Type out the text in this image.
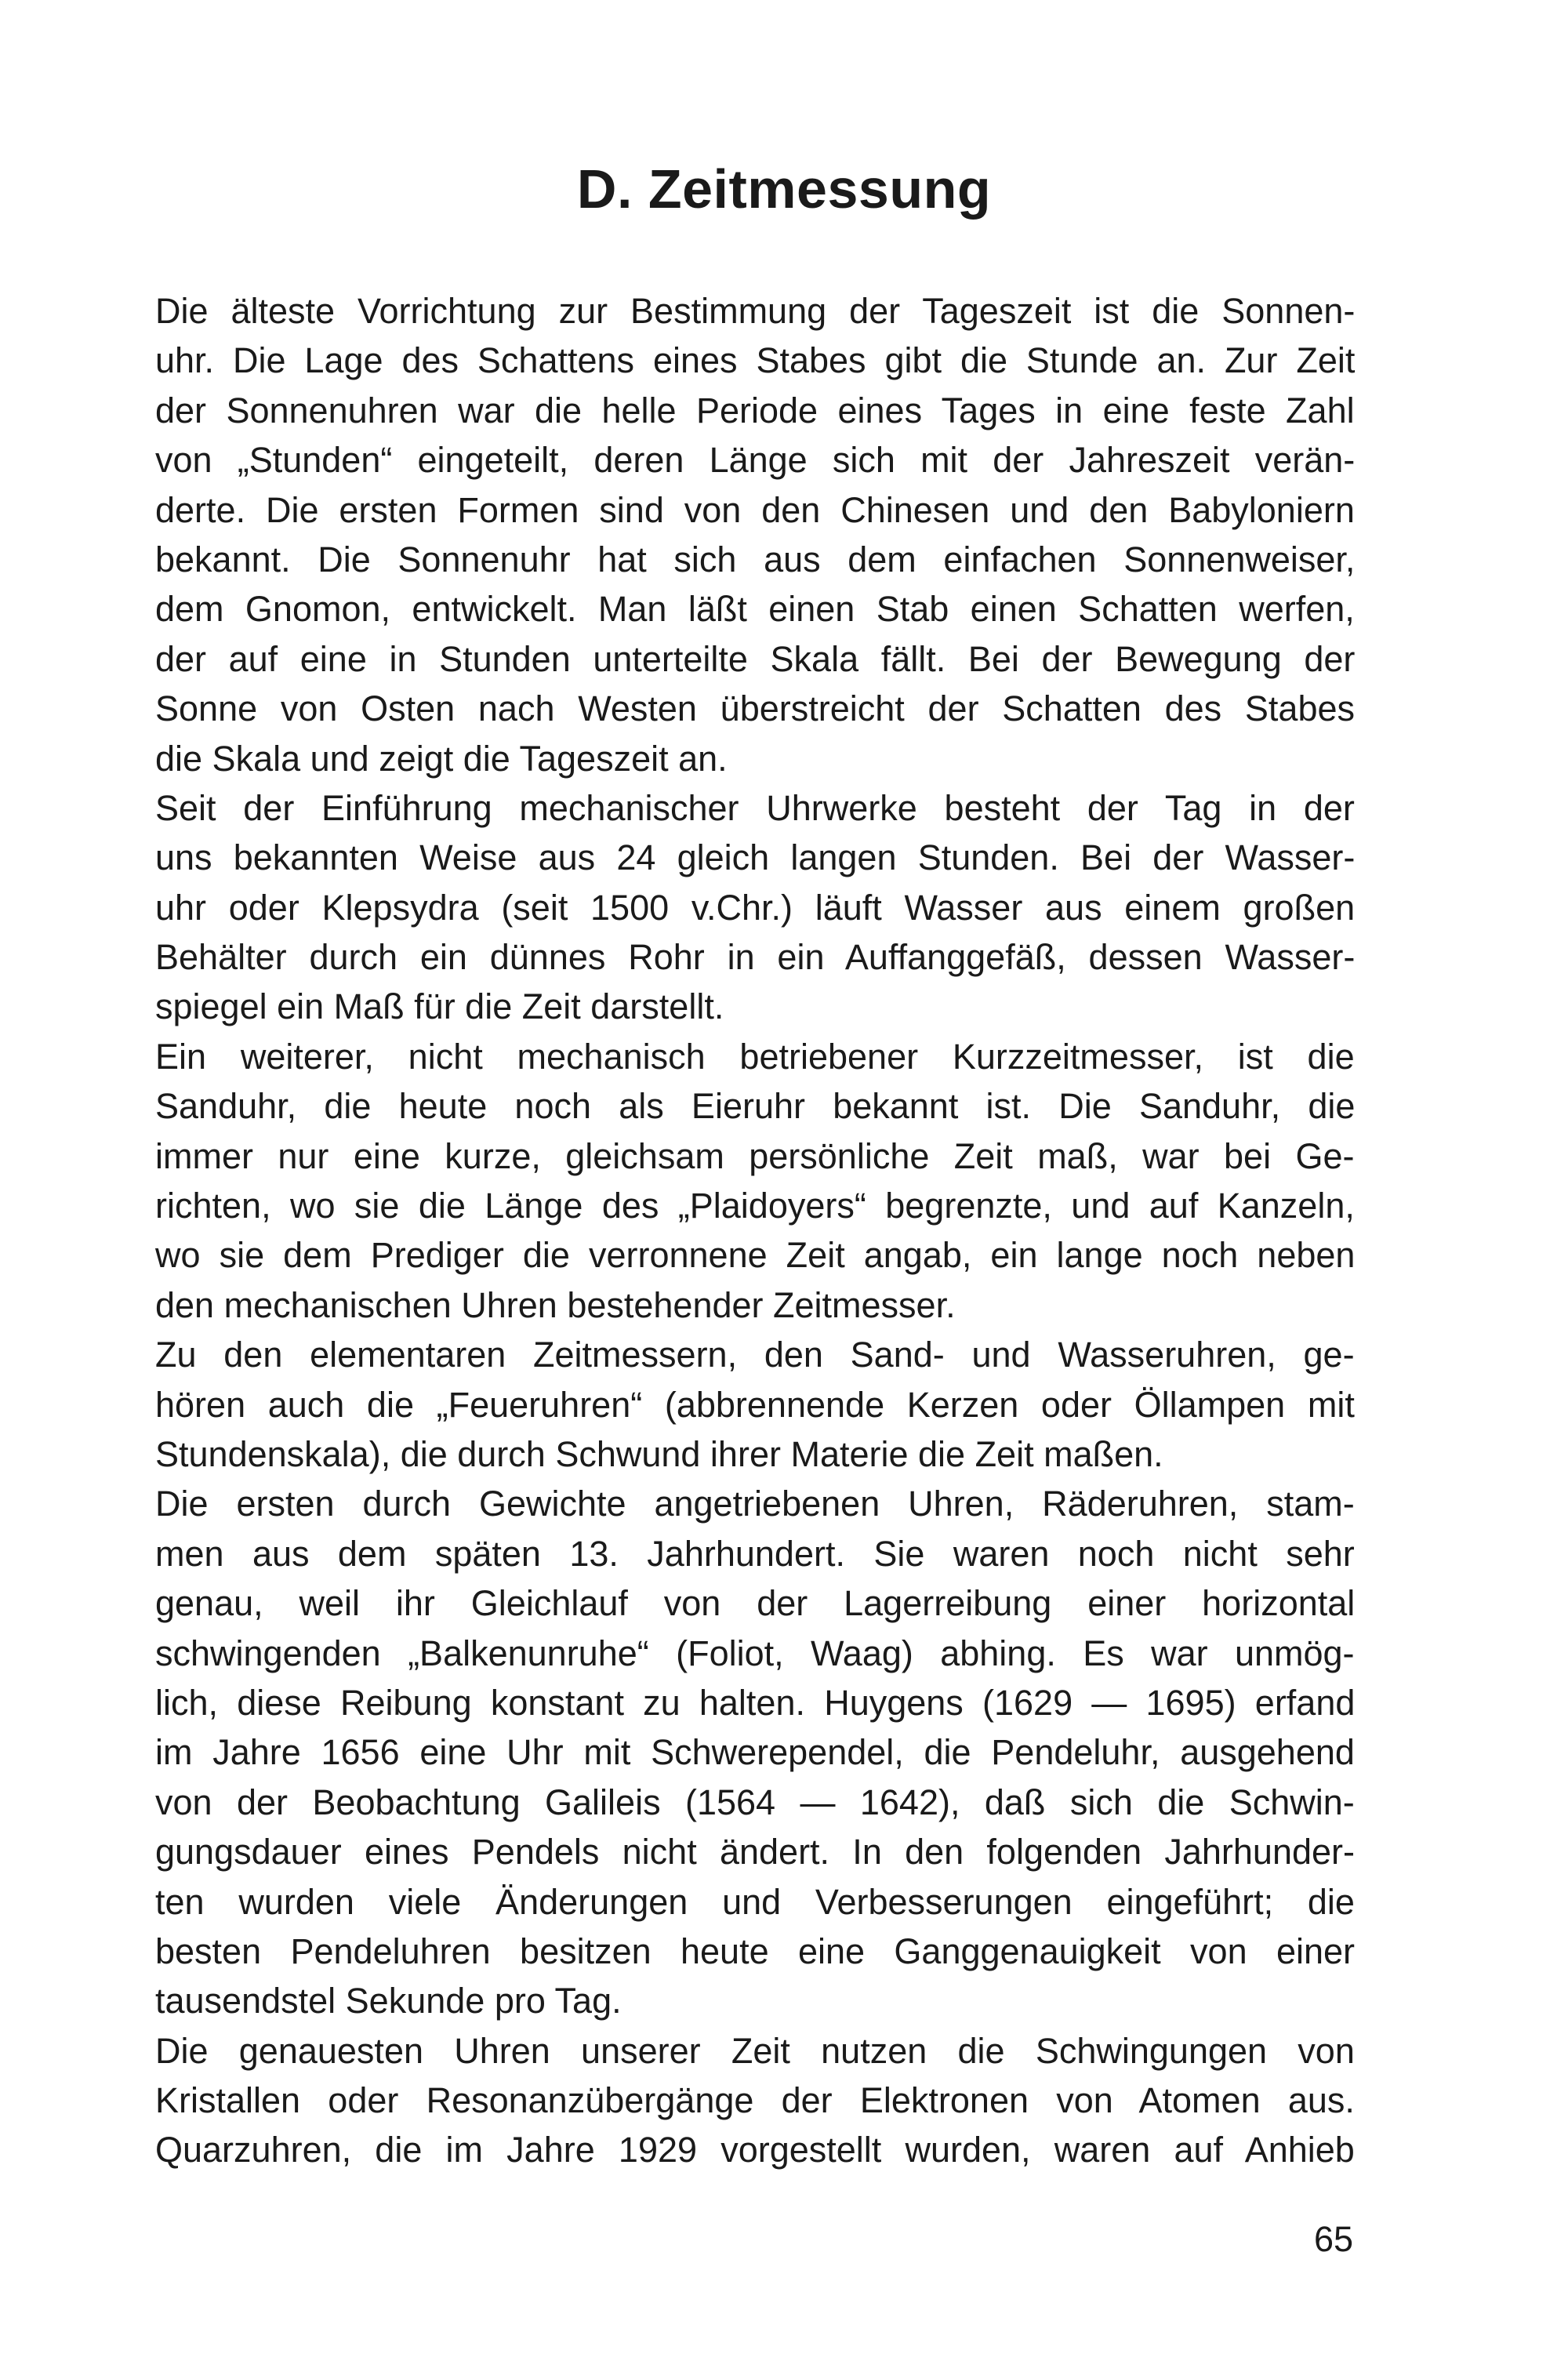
D. Zeitmessung
Die älteste Vorrichtung zur Bestimmung der Tageszeit ist die Sonnen-
uhr. Die Lage des Schattens eines Stabes gibt die Stunde an. Zur Zeit
der Sonnenuhren war die helle Periode eines Tages in eine feste Zahl
von „Stunden“ eingeteilt, deren Länge sich mit der Jahreszeit verän-
derte. Die ersten Formen sind von den Chinesen und den Babyloniern
bekannt. Die Sonnenuhr hat sich aus dem einfachen Sonnenweiser,
dem Gnomon, entwickelt. Man läßt einen Stab einen Schatten werfen,
der auf eine in Stunden unterteilte Skala fällt. Bei der Bewegung der
Sonne von Osten nach Westen überstreicht der Schatten des Stabes
die Skala und zeigt die Tageszeit an.
Seit der Einführung mechanischer Uhrwerke besteht der Tag in der
uns bekannten Weise aus 24 gleich langen Stunden. Bei der Wasser-
uhr oder Klepsydra (seit 1500 v.Chr.) läuft Wasser aus einem großen
Behälter durch ein dünnes Rohr in ein Auffanggefäß, dessen Wasser-
spiegel ein Maß für die Zeit darstellt.
Ein weiterer, nicht mechanisch betriebener Kurzzeitmesser, ist die
Sanduhr, die heute noch als Eieruhr bekannt ist. Die Sanduhr, die
immer nur eine kurze, gleichsam persönliche Zeit maß, war bei Ge-
richten, wo sie die Länge des „Plaidoyers“ begrenzte, und auf Kanzeln,
wo sie dem Prediger die verronnene Zeit angab, ein lange noch neben
den mechanischen Uhren bestehender Zeitmesser.
Zu den elementaren Zeitmessern, den Sand- und Wasseruhren, ge-
hören auch die „Feueruhren“ (abbrennende Kerzen oder Öllampen mit
Stundenskala), die durch Schwund ihrer Materie die Zeit maßen.
Die ersten durch Gewichte angetriebenen Uhren, Räderuhren, stam-
men aus dem späten 13. Jahrhundert. Sie waren noch nicht sehr
genau, weil ihr Gleichlauf von der Lagerreibung einer horizontal
schwingenden „Balkenunruhe“ (Foliot, Waag) abhing. Es war unmög-
lich, diese Reibung konstant zu halten. Huygens (1629 — 1695) erfand
im Jahre 1656 eine Uhr mit Schwerependel, die Pendeluhr, ausgehend
von der Beobachtung Galileis (1564 — 1642), daß sich die Schwin-
gungsdauer eines Pendels nicht ändert. In den folgenden Jahrhunder-
ten wurden viele Änderungen und Verbesserungen eingeführt; die
besten Pendeluhren besitzen heute eine Ganggenauigkeit von einer
tausendstel Sekunde pro Tag.
Die genauesten Uhren unserer Zeit nutzen die Schwingungen von
Kristallen oder Resonanzübergänge der Elektronen von Atomen aus.
Quarzuhren, die im Jahre 1929 vorgestellt wurden, waren auf Anhieb
65
